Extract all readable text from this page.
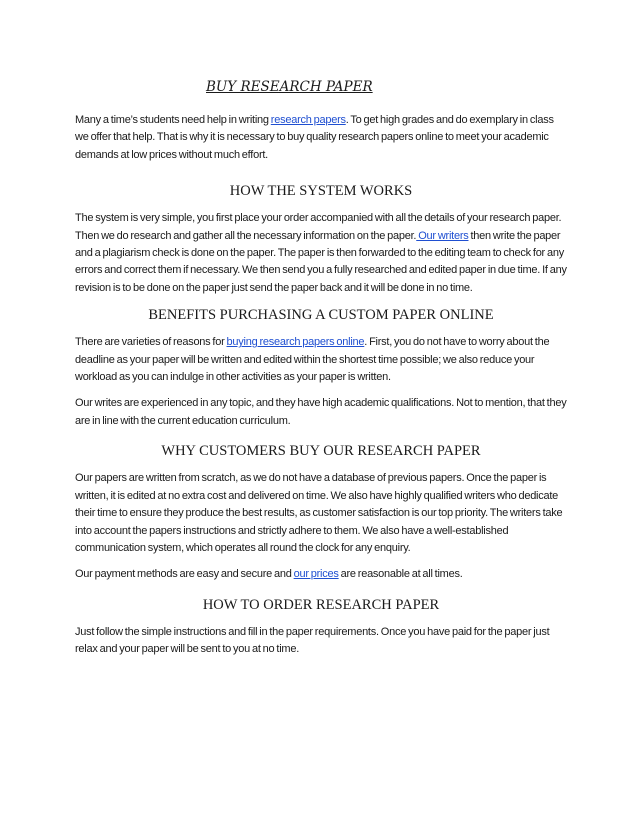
BUY RESEARCH PAPER

Many a time’s students need help in writing research papers. To get high grades and do exemplary in class we offer that help. That is why it is necessary to buy quality research papers online to meet your academic demands at low prices without much effort.

HOW THE SYSTEM WORKS

The system is very simple, you first place your order accompanied with all the details of your research paper. Then we do research and gather all the necessary information on the paper. Our writers then write the paper and a plagiarism check is done on the paper. The paper is then forwarded to the editing team to check for any errors and correct them if necessary. We then send you a fully researched and edited paper in due time. If any revision is to be done on the paper just send the paper back and it will be done in no time.

BENEFITS PURCHASING A CUSTOM PAPER ONLINE

There are varieties of reasons for buying research papers online. First, you do not have to worry about the deadline as your paper will be written and edited within the shortest time possible; we also reduce your workload as you can indulge in other activities as your paper is written.

Our writes are experienced in any topic, and they have high academic qualifications. Not to mention, that they are in line with the current education curriculum.

WHY CUSTOMERS BUY OUR RESEARCH PAPER

Our papers are written from scratch, as we do not have a database of previous papers. Once the paper is written, it is edited at no extra cost and delivered on time. We also have highly qualified writers who dedicate their time to ensure they produce the best results, as customer satisfaction is our top priority. The writers take into account the papers instructions and strictly adhere to them. We also have a well-established communication system, which operates all round the clock for any enquiry.

Our payment methods are easy and secure and our prices are reasonable at all times.

HOW TO ORDER RESEARCH PAPER

Just follow the simple instructions and fill in the paper requirements. Once you have paid for the paper just relax and your paper will be sent to you at no time.
